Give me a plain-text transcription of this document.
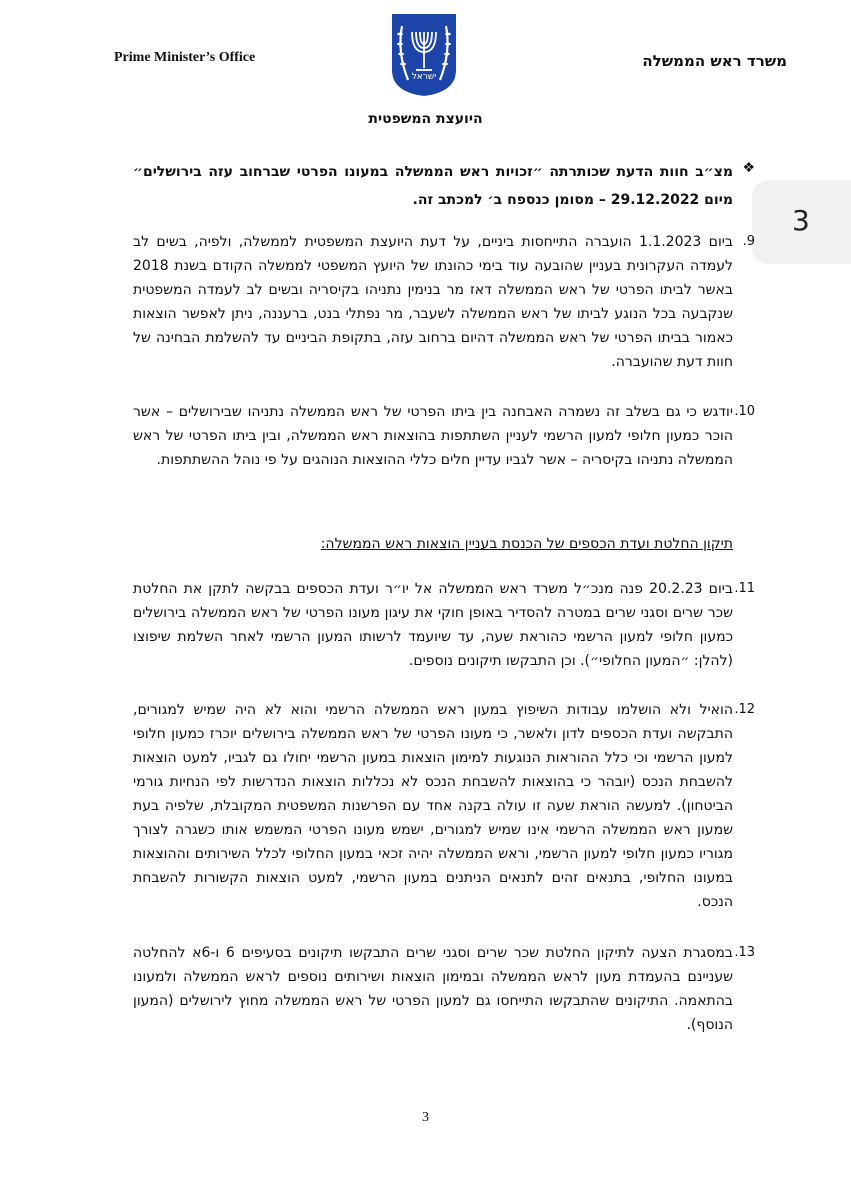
ישראל
Prime Minister’s Office	משרד ראש הממשלה
היועצת המשפטית
3
❖
מצ״ב חוות הדעת שכותרתה ״זכויות ראש הממשלה במעונו הפרטי שברחוב עזה בירושלים״ מיום 29.12.2022 – מסומן כנספח ב׳ למכתב זה.
.9
ביום 1.1.2023 הועברה התייחסות ביניים, על דעת היועצת המשפטית לממשלה, ולפיה, בשים לב לעמדה העקרונית בעניין שהובעה עוד בימי כהונתו של היועץ המשפטי לממשלה הקודם בשנת 2018 באשר לביתו הפרטי של ראש הממשלה דאז מר בנימין נתניהו בקיסריה ובשים לב לעמדה המשפטית שנקבעה בכל הנוגע לביתו של ראש הממשלה לשעבר, מר נפתלי בנט, ברעננה, ניתן לאפשר הוצאות כאמור בביתו הפרטי של ראש הממשלה דהיום ברחוב עזה, בתקופת הביניים עד להשלמת הבחינה של חוות דעת שהועברה.
.10
יודגש כי גם בשלב זה נשמרה האבחנה בין ביתו הפרטי של ראש הממשלה נתניהו שבירושלים – אשר הוכר כמעון חלופי למעון הרשמי לעניין השתתפות בהוצאות ראש הממשלה, ובין ביתו הפרטי של ראש הממשלה נתניהו בקיסריה – אשר לגביו עדיין חלים כללי ההוצאות הנוהגים על פי נוהל ההשתתפות.
תיקון החלטת ועדת הכספים של הכנסת בעניין הוצאות ראש הממשלה:
.11
ביום 20.2.23 פנה מנכ״ל משרד ראש הממשלה אל יו״ר ועדת הכספים בבקשה לתקן את החלטת שכר שרים וסגני שרים במטרה להסדיר באופן חוקי את עיגון מעונו הפרטי של ראש הממשלה בירושלים כמעון חלופי למעון הרשמי כהוראת שעה, עד שיועמד לרשותו המעון הרשמי לאחר השלמת שיפוצו (להלן: ״המעון החלופי״). וכן התבקשו תיקונים נוספים.
.12
הואיל ולא הושלמו עבודות השיפוץ במעון ראש הממשלה הרשמי והוא לא היה שמיש למגורים, התבקשה ועדת הכספים לדון ולאשר, כי מעונו הפרטי של ראש הממשלה בירושלים יוכרז כמעון חלופי למעון הרשמי וכי כלל ההוראות הנוגעות למימון הוצאות במעון הרשמי יחולו גם לגביו, למעט הוצאות להשבחת הנכס (יובהר כי בהוצאות להשבחת הנכס לא נכללות הוצאות הנדרשות לפי הנחיות גורמי הביטחון). למעשה הוראת שעה זו עולה בקנה אחד עם הפרשנות המשפטית המקובלת, שלפיה בעת שמעון ראש הממשלה הרשמי אינו שמיש למגורים, ישמש מעונו הפרטי המשמש אותו כשגרה לצורך מגוריו כמעון חלופי למעון הרשמי, וראש הממשלה יהיה זכאי במעון החלופי לכלל השירותים וההוצאות במעונו החלופי, בתנאים זהים לתנאים הניתנים במעון הרשמי, למעט הוצאות הקשורות להשבחת הנכס.
.13
במסגרת הצעה לתיקון החלטת שכר שרים וסגני שרים התבקשו תיקונים בסעיפים 6 ו-6א להחלטה שעניינם בהעמדת מעון לראש הממשלה ובמימון הוצאות ושירותים נוספים לראש הממשלה ולמעונו בהתאמה. התיקונים שהתבקשו התייחסו גם למעון הפרטי של ראש הממשלה מחוץ לירושלים (המעון הנוסף).
3
